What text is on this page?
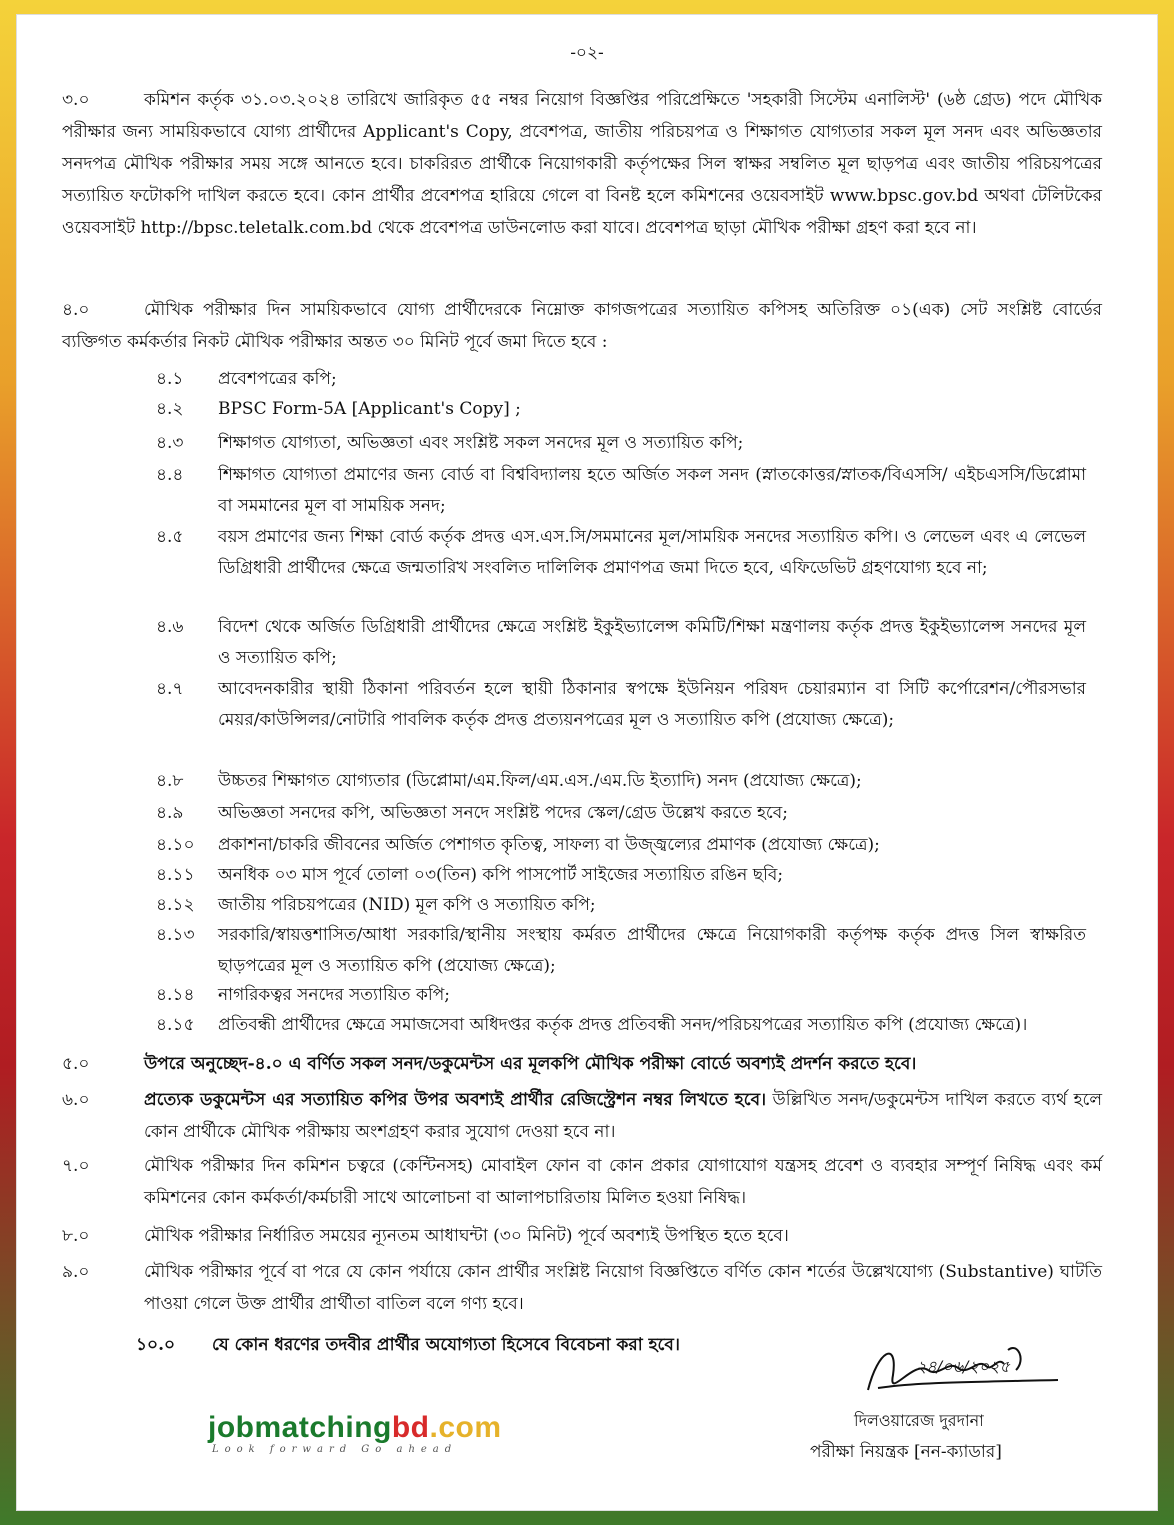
-০২-
৩.০	কমিশন কর্তৃক ৩১.০৩.২০২৪ তারিখে জারিকৃত ৫৫ নম্বর নিয়োগ বিজ্ঞপ্তির পরিপ্রেক্ষিতে 'সহকারী সিস্টেম এনালিস্ট' (৬ষ্ঠ গ্রেড) পদে মৌখিক পরীক্ষার জন্য সাময়িকভাবে যোগ্য প্রার্থীদের Applicant's Copy, প্রবেশপত্র, জাতীয় পরিচয়পত্র ও শিক্ষাগত যোগ্যতার সকল মূল সনদ এবং অভিজ্ঞতার সনদপত্র মৌখিক পরীক্ষার সময় সঙ্গে আনতে হবে। চাকরিরত প্রার্থীকে নিয়োগকারী কর্তৃপক্ষের সিল স্বাক্ষর সম্বলিত মূল ছাড়পত্র এবং জাতীয় পরিচয়পত্রের সত্যায়িত ফটোকপি দাখিল করতে হবে। কোন প্রার্থীর প্রবেশপত্র হারিয়ে গেলে বা বিনষ্ট হলে কমিশনের ওয়েবসাইট www.bpsc.gov.bd অথবা টেলিটকের ওয়েবসাইট http://bpsc.teletalk.com.bd থেকে প্রবেশপত্র ডাউনলোড করা যাবে। প্রবেশপত্র ছাড়া মৌখিক পরীক্ষা গ্রহণ করা হবে না।
৪.০	মৌখিক পরীক্ষার দিন সাময়িকভাবে যোগ্য প্রার্থীদেরকে নিম্নোক্ত কাগজপত্রের সত্যায়িত কপিসহ অতিরিক্ত ০১(এক) সেট সংশ্লিষ্ট বোর্ডের ব্যক্তিগত কর্মকর্তার নিকট মৌখিক পরীক্ষার অন্তত ৩০ মিনিট পূর্বে জমা দিতে হবে :
৪.১	প্রবেশপত্রের কপি;
৪.২	BPSC Form-5A [Applicant's Copy] ;
৪.৩	শিক্ষাগত যোগ্যতা, অভিজ্ঞতা এবং সংশ্লিষ্ট সকল সনদের মূল ও সত্যায়িত কপি;
৪.৪	শিক্ষাগত যোগ্যতা প্রমাণের জন্য বোর্ড বা বিশ্ববিদ্যালয় হতে অর্জিত সকল সনদ (স্নাতকোত্তর/স্নাতক/বিএসসি/ এইচএসসি/ডিপ্লোমা বা সমমানের মূল বা সাময়িক সনদ;
৪.৫	বয়স প্রমাণের জন্য শিক্ষা বোর্ড কর্তৃক প্রদত্ত এস.এস.সি/সমমানের মূল/সাময়িক সনদের সত্যায়িত কপি। ও লেভেল এবং এ লেভেল ডিগ্রিধারী প্রার্থীদের ক্ষেত্রে জন্মতারিখ সংবলিত দালিলিক প্রমাণপত্র জমা দিতে হবে, এফিডেভিট গ্রহণযোগ্য হবে না;
৪.৬	বিদেশ থেকে অর্জিত ডিগ্রিধারী প্রার্থীদের ক্ষেত্রে সংশ্লিষ্ট ইকুইভ্যালেন্স কমিটি/শিক্ষা মন্ত্রণালয় কর্তৃক প্রদত্ত ইকুইভ্যালেন্স সনদের মূল ও সত্যায়িত কপি;
৪.৭	আবেদনকারীর স্থায়ী ঠিকানা পরিবর্তন হলে স্থায়ী ঠিকানার স্বপক্ষে ইউনিয়ন পরিষদ চেয়ারম্যান বা সিটি কর্পোরেশন/পৌরসভার মেয়র/কাউন্সিলর/নোটারি পাবলিক কর্তৃক প্রদত্ত প্রত্যয়নপত্রের মূল ও সত্যায়িত কপি (প্রযোজ্য ক্ষেত্রে);
৪.৮	উচ্চতর শিক্ষাগত যোগ্যতার (ডিপ্লোমা/এম.ফিল/এম.এস./এম.ডি ইত্যাদি) সনদ (প্রযোজ্য ক্ষেত্রে);
৪.৯	অভিজ্ঞতা সনদের কপি, অভিজ্ঞতা সনদে সংশ্লিষ্ট পদের স্কেল/গ্রেড উল্লেখ করতে হবে;
৪.১০	প্রকাশনা/চাকরি জীবনের অর্জিত পেশাগত কৃতিত্ব, সাফল্য বা উজ্জ্বল্যের প্রমাণক (প্রযোজ্য ক্ষেত্রে);
৪.১১	অনধিক ০৩ মাস পূর্বে তোলা ০৩(তিন) কপি পাসপোর্ট সাইজের সত্যায়িত রঙিন ছবি;
৪.১২	জাতীয় পরিচয়পত্রের (NID) মূল কপি ও সত্যায়িত কপি;
৪.১৩	সরকারি/স্বায়ত্তশাসিত/আধা সরকারি/স্থানীয় সংস্থায় কর্মরত প্রার্থীদের ক্ষেত্রে নিয়োগকারী কর্তৃপক্ষ কর্তৃক প্রদত্ত সিল স্বাক্ষরিত ছাড়পত্রের মূল ও সত্যায়িত কপি (প্রযোজ্য ক্ষেত্রে);
৪.১৪	নাগরিকত্বর সনদের সত্যায়িত কপি;
৪.১৫	প্রতিবন্ধী প্রার্থীদের ক্ষেত্রে সমাজসেবা অধিদপ্তর কর্তৃক প্রদত্ত প্রতিবন্ধী সনদ/পরিচয়পত্রের সত্যায়িত কপি (প্রযোজ্য ক্ষেত্রে)।
৫.০	উপরে অনুচ্ছেদ-৪.০ এ বর্ণিত সকল সনদ/ডকুমেন্টস এর মূলকপি মৌখিক পরীক্ষা বোর্ডে অবশ্যই প্রদর্শন করতে হবে।
৬.০	প্রত্যেক ডকুমেন্টস এর সত্যায়িত কপির উপর অবশ্যই প্রার্থীর রেজিস্ট্রেশন নম্বর লিখতে হবে। উল্লিখিত সনদ/ডকুমেন্টস দাখিল করতে ব্যর্থ হলে কোন প্রার্থীকে মৌখিক পরীক্ষায় অংশগ্রহণ করার সুযোগ দেওয়া হবে না।
৭.০	মৌখিক পরীক্ষার দিন কমিশন চত্বরে (কেন্টিনসহ) মোবাইল ফোন বা কোন প্রকার যোগাযোগ যন্ত্রসহ প্রবেশ ও ব্যবহার সম্পূর্ণ নিষিদ্ধ এবং কর্ম কমিশনের কোন কর্মকর্তা/কর্মচারী সাথে আলোচনা বা আলাপচারিতায় মিলিত হওয়া নিষিদ্ধ।
৮.০	মৌখিক পরীক্ষার নির্ধারিত সময়ের ন্যূনতম আধাঘন্টা (৩০ মিনিট) পূর্বে অবশ্যই উপস্থিত হতে হবে।
৯.০	মৌখিক পরীক্ষার পূর্বে বা পরে যে কোন পর্যায়ে কোন প্রার্থীর সংশ্লিষ্ট নিয়োগ বিজ্ঞপ্তিতে বর্ণিত কোন শর্তের উল্লেখযোগ্য (Substantive) ঘাটতি পাওয়া গেলে উক্ত প্রার্থীর প্রার্থীতা বাতিল বলে গণ্য হবে।
১০.০ যে কোন ধরণের তদবীর প্রার্থীর অযোগ্যতা হিসেবে বিবেচনা করা হবে।
২৪/০৬/২০২৫
দিলওয়ারেজ দুরদানা
পরীক্ষা নিয়ন্ত্রক [নন-ক্যাডার]
jobmatchingbd.com
Look forward Go ahead
